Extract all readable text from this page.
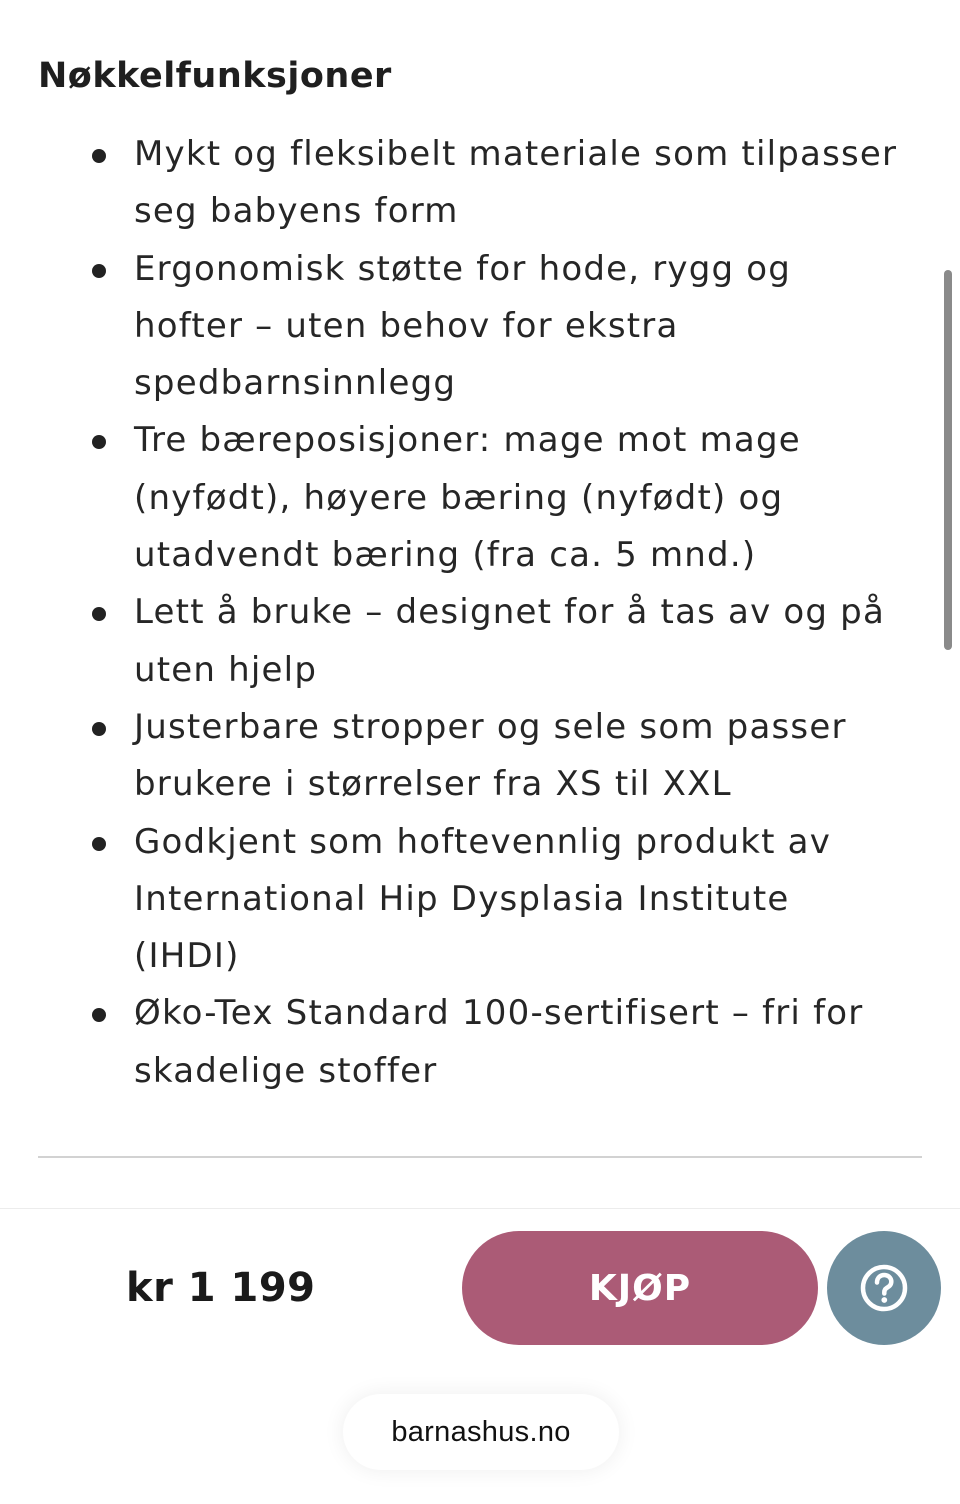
Nøkkelfunksjoner
Mykt og fleksibelt materiale som tilpasser
seg babyens form
Ergonomisk støtte for hode, rygg og
hofter – uten behov for ekstra
spedbarnsinnlegg
Tre bæreposisjoner: mage mot mage
(nyfødt), høyere bæring (nyfødt) og
utadvendt bæring (fra ca. 5 mnd.)
Lett å bruke – designet for å tas av og på
uten hjelp
Justerbare stropper og sele som passer
brukere i størrelser fra XS til XXL
Godkjent som hoftevennlig produkt av
International Hip Dysplasia Institute
(IHDI)
Øko-Tex Standard 100-sertifisert – fri for
skadelige stoffer
kr 1 199	KJØP
barnashus.no
